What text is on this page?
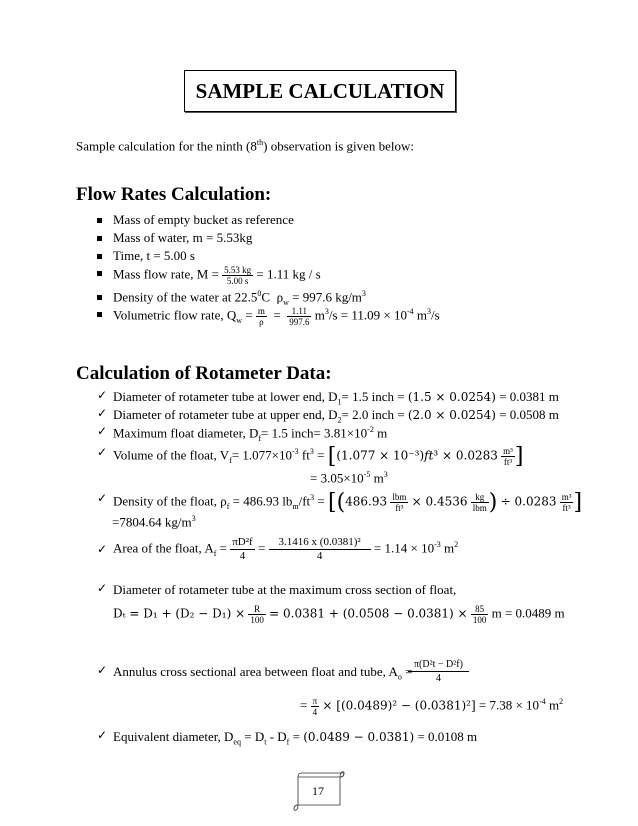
SAMPLE CALCULATION
Sample calculation for the ninth (8th) observation is given below:
Flow Rates Calculation:
Mass of empty bucket as reference
Mass of water, m = 5.53kg
Time, t = 5.00 s
Mass flow rate, $M = \frac{5.53 kg}{5.00 s} = 1.11$ kg / s
Density of the water at 22.5$^0$C $\rho_w = 997.6$ $kg/m^3$
Volumetric flow rate, $Q_w = \frac{m}{\rho} = \frac{1.11}{997.6} m^3/s = 11.09 \times 10^{-4}$ $m^3/s$
Calculation of Rotameter Data:
✓ Diameter of rotameter tube at lower end, $D_1= 1.5$ inch = (1.5 × 0.0254) = 0.0381 m
✓ Diameter of rotameter tube at upper end, $D_2= 2.0$ inch = (2.0 × 0.0254) = 0.0508 m
✓ Maximum float diameter, $D_f= 1.5$ inch= $3.81\times 10^{-2}$ m
✓ Volume of the float, $V_f= 1.077\times 10^{-3}$ $ft^3 = [(1.077$ × 10⁻³)𝑓𝑡³ × $0.0283 \frac{\text{m³}}{\text{ft³}}$ ]
= $3.05\times 10^{-5}$ $m^3$
✓ Density of the float, $\rho_f = 486.93$ $lb_m/ft^3 = [(486.93 \frac{\text{lbm}}{\text{ft³}} \times 0.4536 \frac{kg}{\text{lbm}}$ ) ÷ $0.0283 \frac{\text{m³}}{\text{ft³}}$ ]
=7804.64 $kg/m^3$
✓ Area of the float, $A_f = \frac{\text{πD²f}}{4} = \frac{\text{3.1416 x (0.0381)²}}{4} = 1.14 \times 10^{-3}$ $m^2$
✓ Diameter of rotameter tube at the maximum cross section of float,
$D_t = D_1 + (D_2 - D_1) \times \frac{R}{100} = 0.0381 + (0.0508 - 0.0381) \times \frac{85}{100}$ m = 0.0489 m
$\frac{\text{π(D²t − D²f)}}{4}$
✓ Annulus cross sectional area between float and tube, $A_o$ =
= $\frac{\pi}{4} \times [(0.0489)^2 - (0.0381)^2] = 7.38 \times 10^{-4}$ $m^2$
✓ Equivalent diameter, $D_{eq} = D_t - D_f = (0.0489 - 0.0381) = 0.0108$ m
17
